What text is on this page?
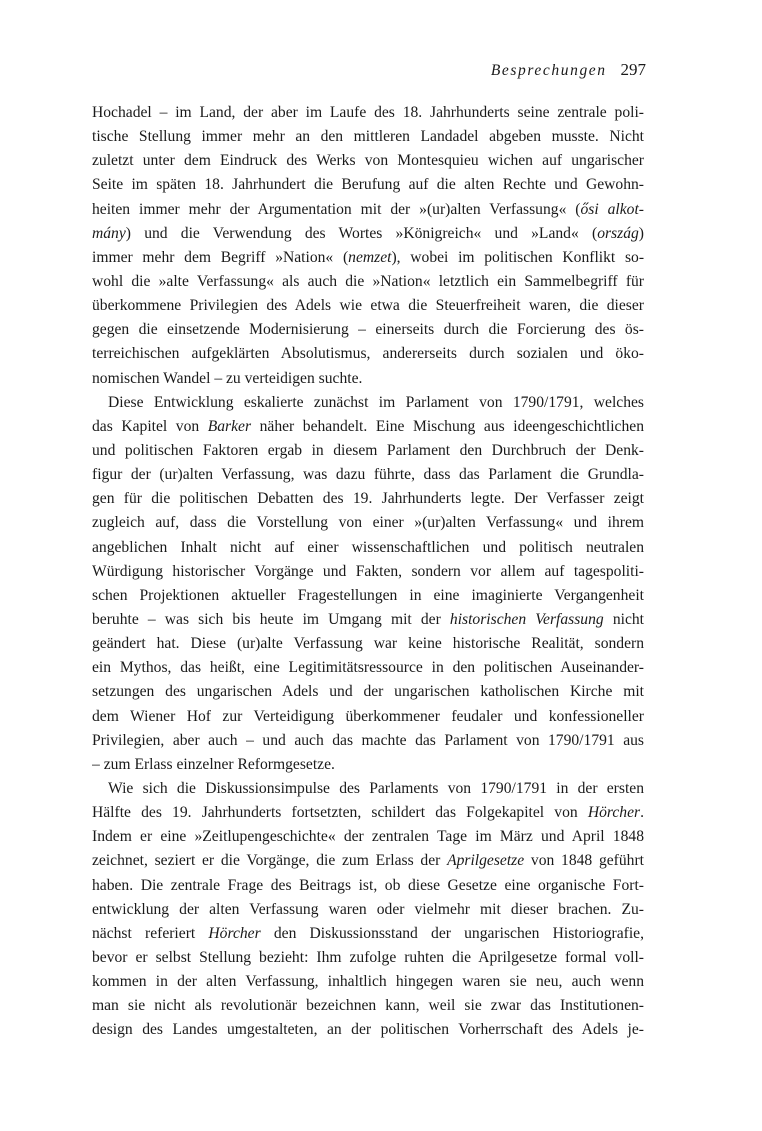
Besprechungen 297
Hochadel – im Land, der aber im Laufe des 18. Jahrhunderts seine zentrale poli-
tische Stellung immer mehr an den mittleren Landadel abgeben musste. Nicht
zuletzt unter dem Eindruck des Werks von Montesquieu wichen auf ungarischer
Seite im späten 18. Jahrhundert die Berufung auf die alten Rechte und Gewohn-
heiten immer mehr der Argumentation mit der »(ur)alten Verfassung« (ősi alkot-
mány) und die Verwendung des Wortes »Königreich« und »Land« (ország)
immer mehr dem Begriff »Nation« (nemzet), wobei im politischen Konflikt so-
wohl die »alte Verfassung« als auch die »Nation« letztlich ein Sammelbegriff für
überkommene Privilegien des Adels wie etwa die Steuerfreiheit waren, die dieser
gegen die einsetzende Modernisierung – einerseits durch die Forcierung des ös-
terreichischen aufgeklärten Absolutismus, andererseits durch sozialen und öko-
nomischen Wandel – zu verteidigen suchte.
Diese Entwicklung eskalierte zunächst im Parlament von 1790/1791, welches
das Kapitel von Barker näher behandelt. Eine Mischung aus ideengeschichtlichen
und politischen Faktoren ergab in diesem Parlament den Durchbruch der Denk-
figur der (ur)alten Verfassung, was dazu führte, dass das Parlament die Grundla-
gen für die politischen Debatten des 19. Jahrhunderts legte. Der Verfasser zeigt
zugleich auf, dass die Vorstellung von einer »(ur)alten Verfassung« und ihrem
angeblichen Inhalt nicht auf einer wissenschaftlichen und politisch neutralen
Würdigung historischer Vorgänge und Fakten, sondern vor allem auf tagespoliti-
schen Projektionen aktueller Fragestellungen in eine imaginierte Vergangenheit
beruhte – was sich bis heute im Umgang mit der historischen Verfassung nicht
geändert hat. Diese (ur)alte Verfassung war keine historische Realität, sondern
ein Mythos, das heißt, eine Legitimitätsressource in den politischen Auseinander-
setzungen des ungarischen Adels und der ungarischen katholischen Kirche mit
dem Wiener Hof zur Verteidigung überkommener feudaler und konfessioneller
Privilegien, aber auch – und auch das machte das Parlament von 1790/1791 aus
– zum Erlass einzelner Reformgesetze.
Wie sich die Diskussionsimpulse des Parlaments von 1790/1791 in der ersten
Hälfte des 19. Jahrhunderts fortsetzten, schildert das Folgekapitel von Hörcher.
Indem er eine »Zeitlupengeschichte« der zentralen Tage im März und April 1848
zeichnet, seziert er die Vorgänge, die zum Erlass der Aprilgesetze von 1848 geführt
haben. Die zentrale Frage des Beitrags ist, ob diese Gesetze eine organische Fort-
entwicklung der alten Verfassung waren oder vielmehr mit dieser brachen. Zu-
nächst referiert Hörcher den Diskussionsstand der ungarischen Historiografie,
bevor er selbst Stellung bezieht: Ihm zufolge ruhten die Aprilgesetze formal voll-
kommen in der alten Verfassung, inhaltlich hingegen waren sie neu, auch wenn
man sie nicht als revolutionär bezeichnen kann, weil sie zwar das Institutionen-
design des Landes umgestalteten, an der politischen Vorherrschaft des Adels je-
